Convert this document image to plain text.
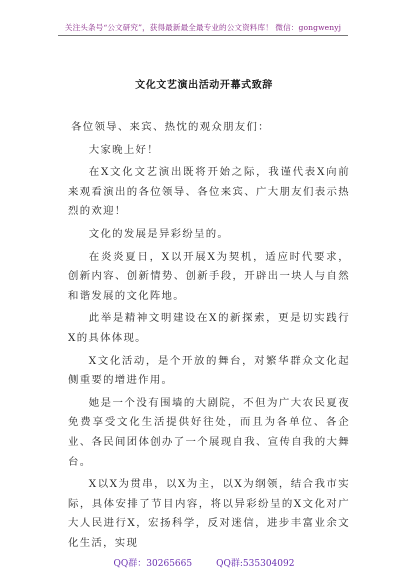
关注头条号“公文研究”，获得最新最全最专业的公文资料库！ 微信：gongwenyj
文化文艺演出活动开幕式致辞

各位领导、来宾、热忱的观众朋友们：

大家晚上好！

在X文化文艺演出既将开始之际，我谨代表X向前来观看演出的各位领导、各位来宾、广大朋友们表示热烈的欢迎！

文化的发展是异彩纷呈的。

在炎炎夏日，X以开展X为契机，适应时代要求，创新内容、创新情势、创新手段，开辟出一块人与自然和谐发展的文化阵地。

此举是精神文明建设在X的新探索，更是切实践行X的具体体现。

X文化活动，是个开放的舞台，对繁华群众文化起侧重要的增进作用。

她是一个没有围墙的大剧院，不但为广大农民夏夜免费享受文化生活提供好往处，而且为各单位、各企业、各民间团体创办了一个展现自我、宣传自我的大舞台。

X以X为贯串，以X为主，以X为纲领，结合我市实际，具体安排了节目内容，将以异彩纷呈的X文化对广大人民进行X，宏扬科学，反对迷信，进步丰富业余文化生活，实现

QQ群：30265665	QQ群:535304092
